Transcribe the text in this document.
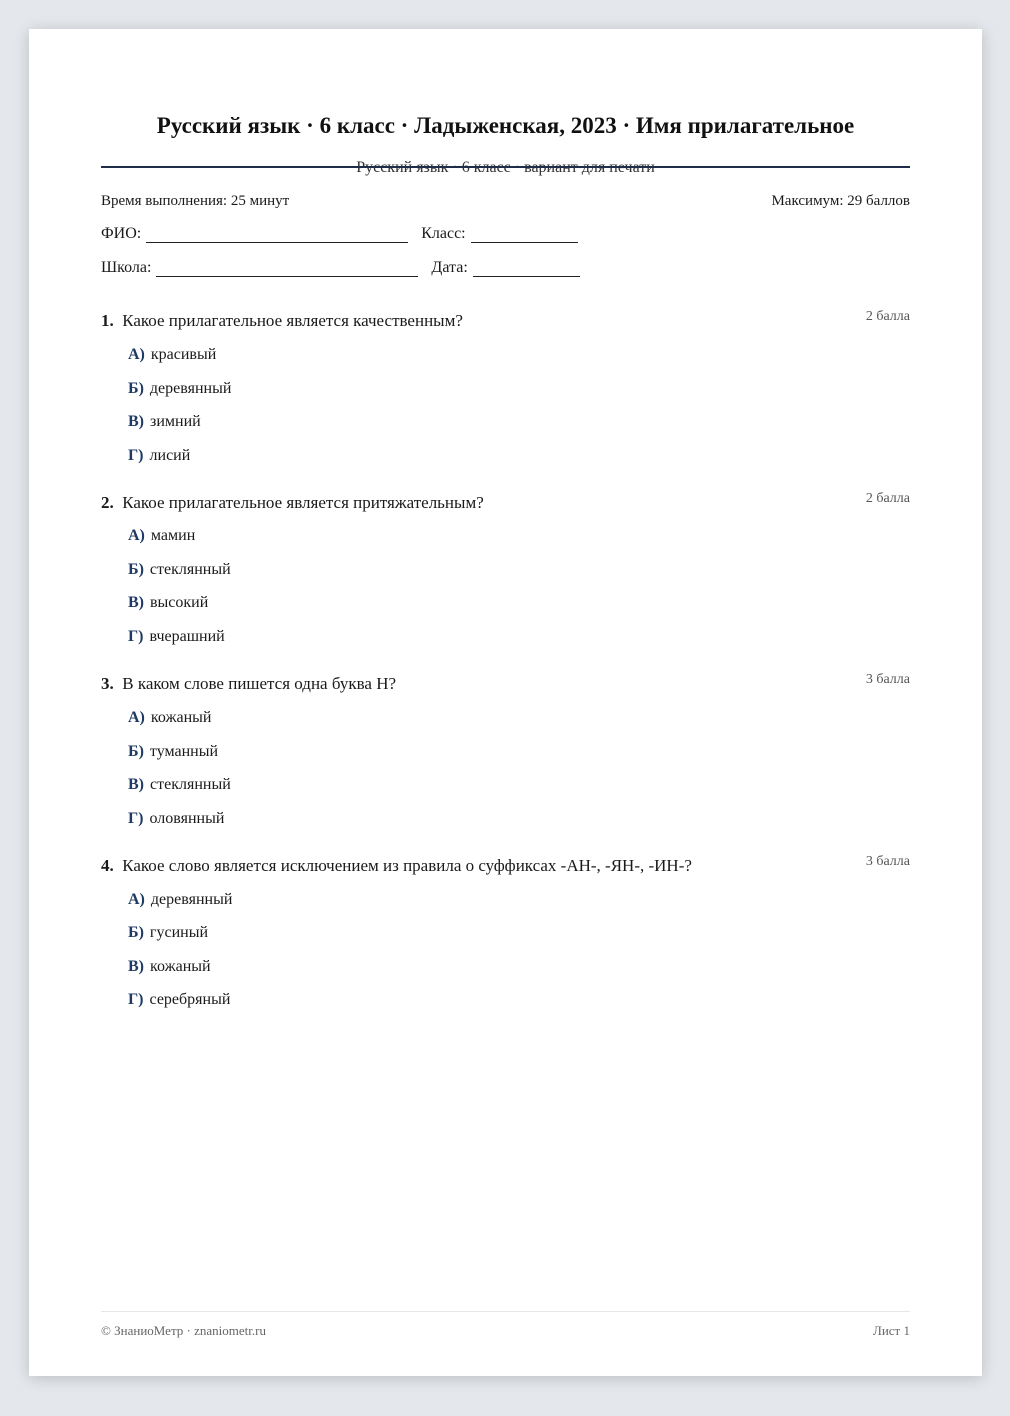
Русский язык · 6 класс · Ладыженская, 2023 · Имя прилагательное
Время выполнения: 25 минут	Максимум: 29 баллов
ФИО:	Класс:
Школа:	Дата:
1. Какое прилагательное является качественным?	2 балла
А) красивый
Б) деревянный
В) зимний
Г) лисий
2. Какое прилагательное является притяжательным?	2 балла
А) мамин
Б) стеклянный
В) высокий
Г) вчерашний
3. В каком слове пишется одна буква Н?	3 балла
А) кожаный
Б) туманный
В) стеклянный
Г) оловянный
4. Какое слово является исключением из правила о суффиксах -АН-, -ЯН-, -ИН-?	3 балла
А) деревянный
Б) гусиный
В) кожаный
Г) серебряный
© ЗнаниоМетр · znaniometr.ru	Лист 1
